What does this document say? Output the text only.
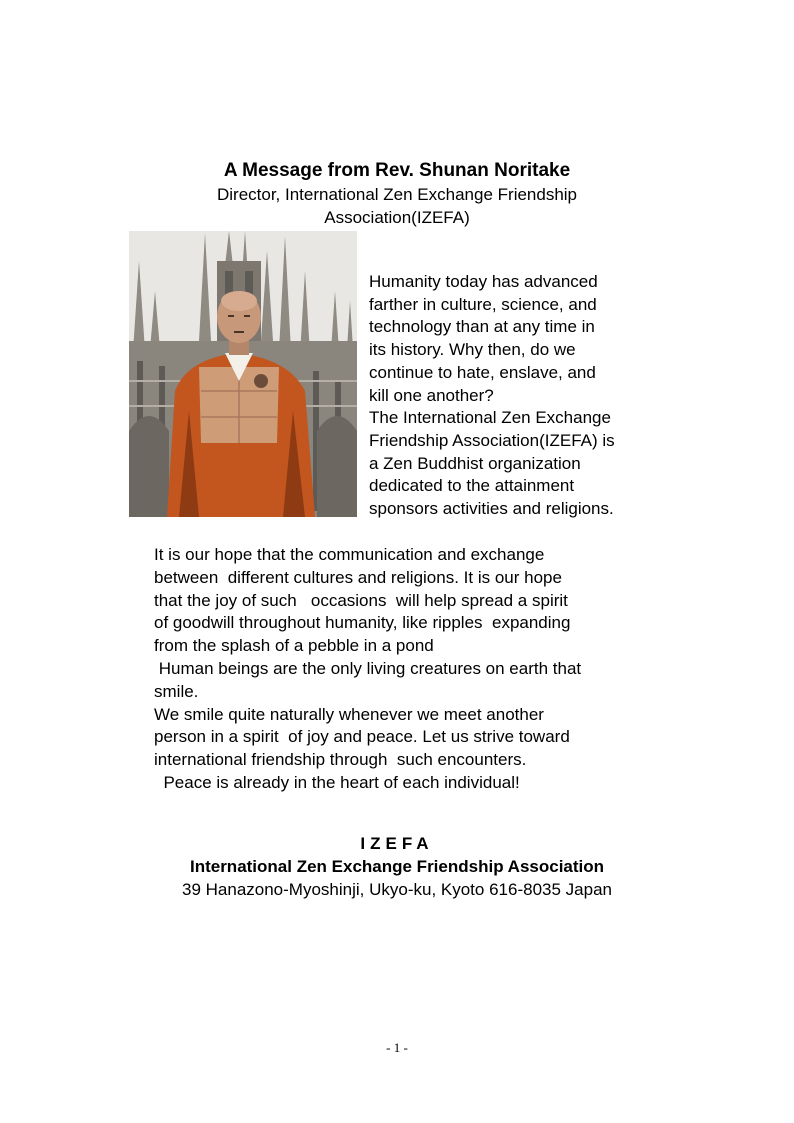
A Message from Rev. Shunan Noritake
Director, International Zen Exchange Friendship
Association(IZEFA)
Humanity today has advanced
farther in culture, science, and
technology than at any time in
its history. Why then, do we
continue to hate, enslave, and
kill one another?
The International Zen Exchange
Friendship Association(IZEFA) is
a Zen Buddhist organization
dedicated to the attainment
sponsors activities and religions.
It is our hope that the communication and exchange
between  different cultures and religions. It is our hope
that the joy of such   occasions  will help spread a spirit
of goodwill throughout humanity, like ripples  expanding
from the splash of a pebble in a pond
Human beings are the only living creatures on earth that
smile.
We smile quite naturally whenever we meet another
person in a spirit  of joy and peace. Let us strive toward
international friendship through  such encounters.
Peace is already in the heart of each individual!
IZEFA
International Zen Exchange Friendship Association
39 Hanazono-Myoshinji, Ukyo-ku, Kyoto 616-8035 Japan
- 1 -
